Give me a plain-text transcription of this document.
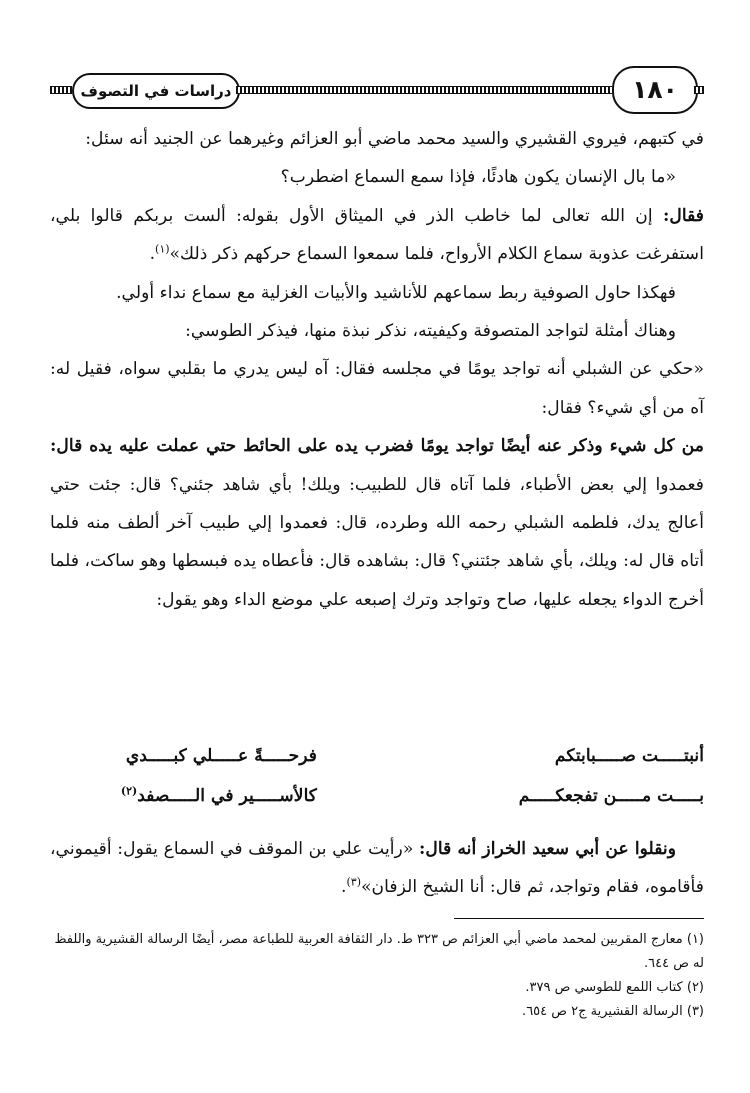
دراسات في التصوف	١٨٠

في كتبهم، فيروي القشيري والسيد محمد ماضي أبو العزائم وغيرهما عن الجنيد أنه سئل:

«ما بال الإنسان يكون هادئًا، فإذا سمع السماع اضطرب؟

فقال: إن الله تعالى لما خاطب الذر في الميثاق الأول بقوله: ألست بربكم قالوا بلي، استفرغت عذوبة سماع الكلام الأرواح، فلما سمعوا السماع حركهم ذكر ذلك»$^{(١)}$.

فهكذا حاول الصوفية ربط سماعهم للأناشيد والأبيات الغزلية مع سماع نداء أولي.

وهناك أمثلة لتواجد المتصوفة وكيفيته، نذكر نبذة منها، فيذكر الطوسي:

«حكي عن الشبلي أنه تواجد يومًا في مجلسه فقال: آه ليس يدري ما بقلبي سواه، فقيل له: آه من أي شيء؟ فقال:

من كل شيء وذكر عنه أيضًا تواجد يومًا فضرب يده على الحائط حتي عملت عليه يده قال: فعمدوا إلي بعض الأطباء، فلما آتاه قال للطبيب: ويلك! بأي شاهد جئني؟ قال: جئت حتي أعالج يدك، فلطمه الشبلي رحمه الله وطرده، قال: فعمدوا إلي طبيب آخر ألطف منه فلما أتاه قال له: ويلك، بأي شاهد جئتني؟ قال: بشاهده قال: فأعطاه يده فبسطها وهو ساكت، فلما أخرج الدواء يجعله عليها، صاح وتواجد وترك إصبعه علي موضع الداء وهو يقول:

أنبتـــــت صـــــبابتكم
فرحـــــةً عـــــلي كبـــــدي
بـــــت مـــــن تفجعكـــــم
كالأســـــير في الـــــصفد$^{(٢)}$

ونقلوا عن أبي سعيد الخراز أنه قال: «رأيت علي بن الموقف في السماع يقول: أقيموني، فأقاموه، فقام وتواجد، ثم قال: أنا الشيخ الزفان»$^{(٣)}$.

(١) معارج المقربين لمحمد ماضي أبي العزائم ص ٣٢٣ ط. دار الثقافة العربية للطباعة مصر، أيضًا الرسالة القشيرية واللفظ له ص ٦٤٤.

(٢) كتاب اللمع للطوسي ص ٣٧٩.

(٣) الرسالة القشيرية ج٢ ص ٦٥٤.
